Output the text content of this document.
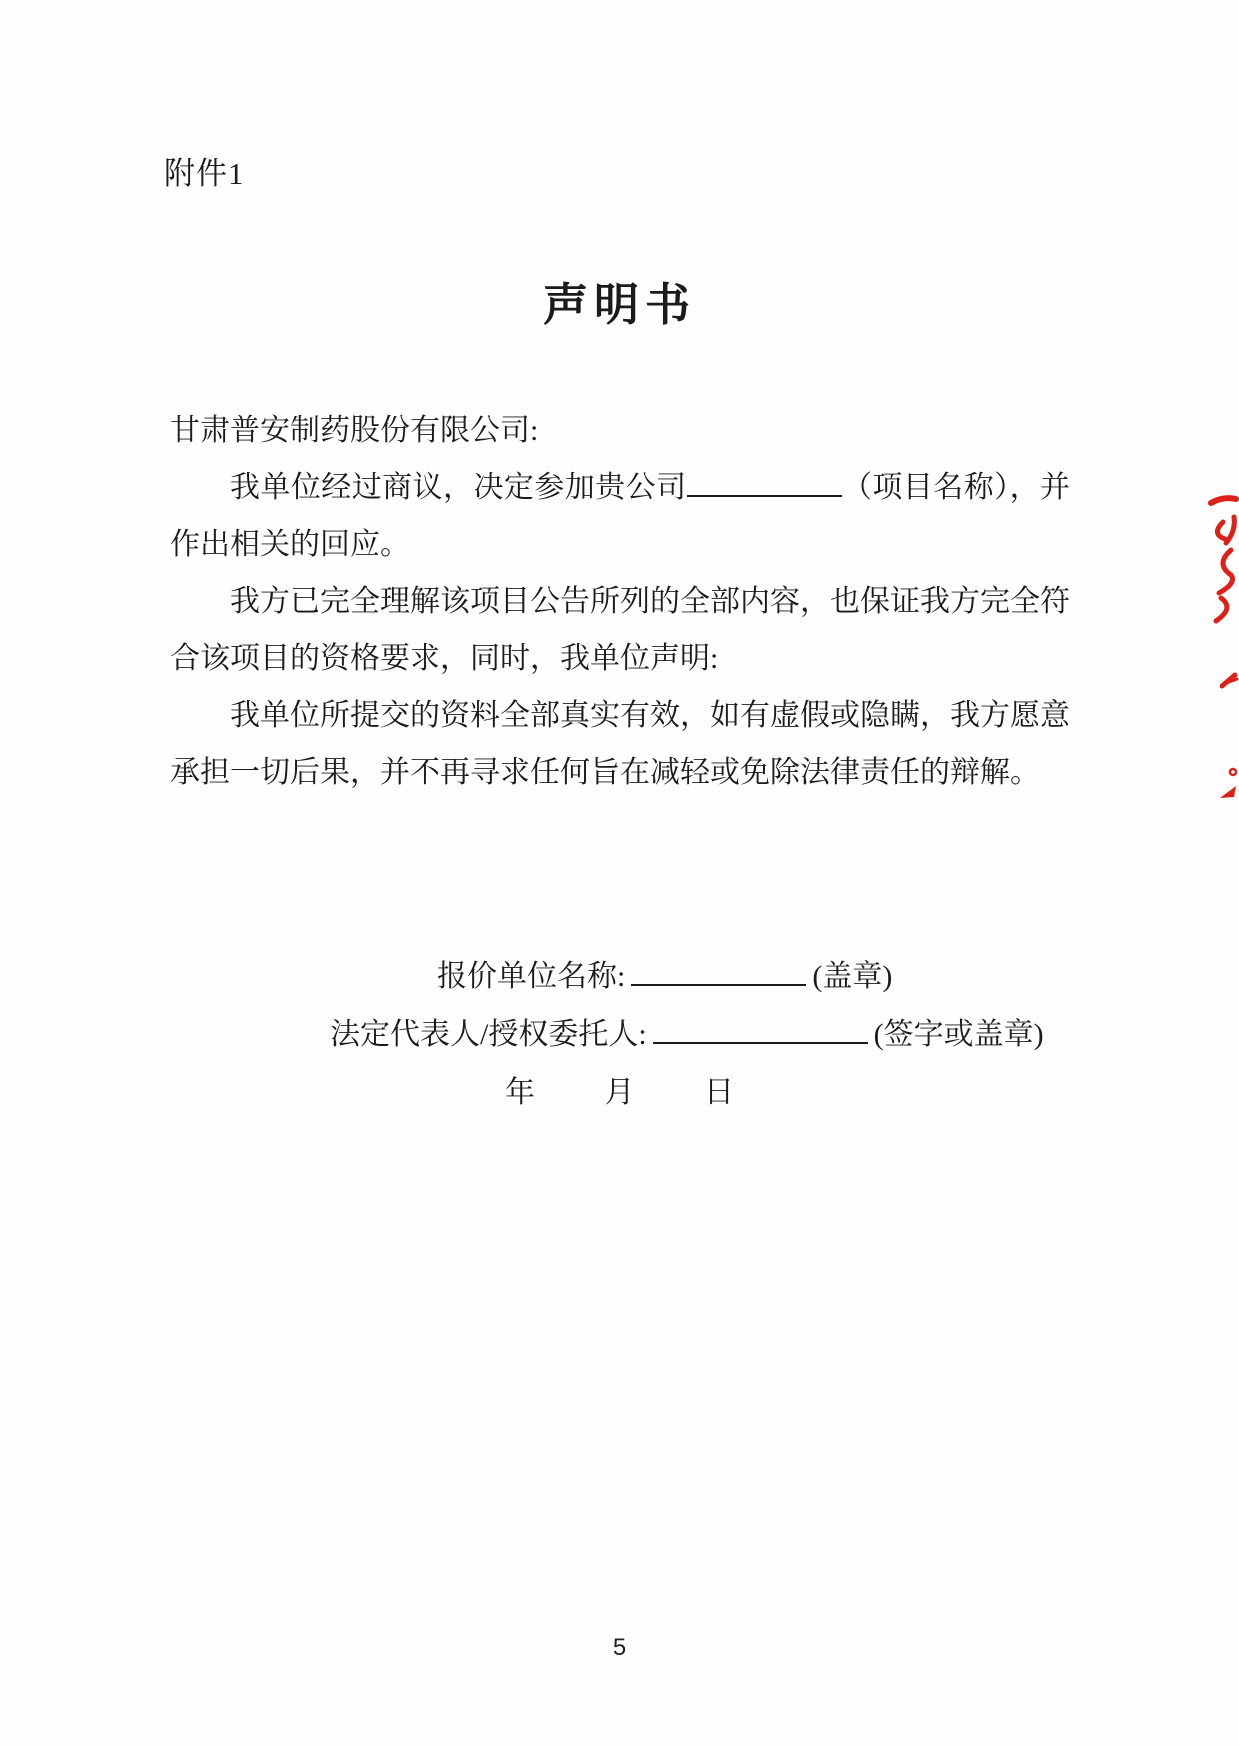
附件1
声明书

甘肃普安制药股份有限公司:

我单位经过商议，决定参加贵公司	（项目名称），并作出相关的回应。

我方已完全理解该项目公告所列的全部内容，也保证我方完全符合该项目的资格要求，同时，我单位声明:

我单位所提交的资料全部真实有效，如有虚假或隐瞒，我方愿意承担一切后果，并不再寻求任何旨在减轻或免除法律责任的辩解。

报价单位名称:	(盖章)
法定代表人/授权委托人:	(签字或盖章)
年 月 日
5
